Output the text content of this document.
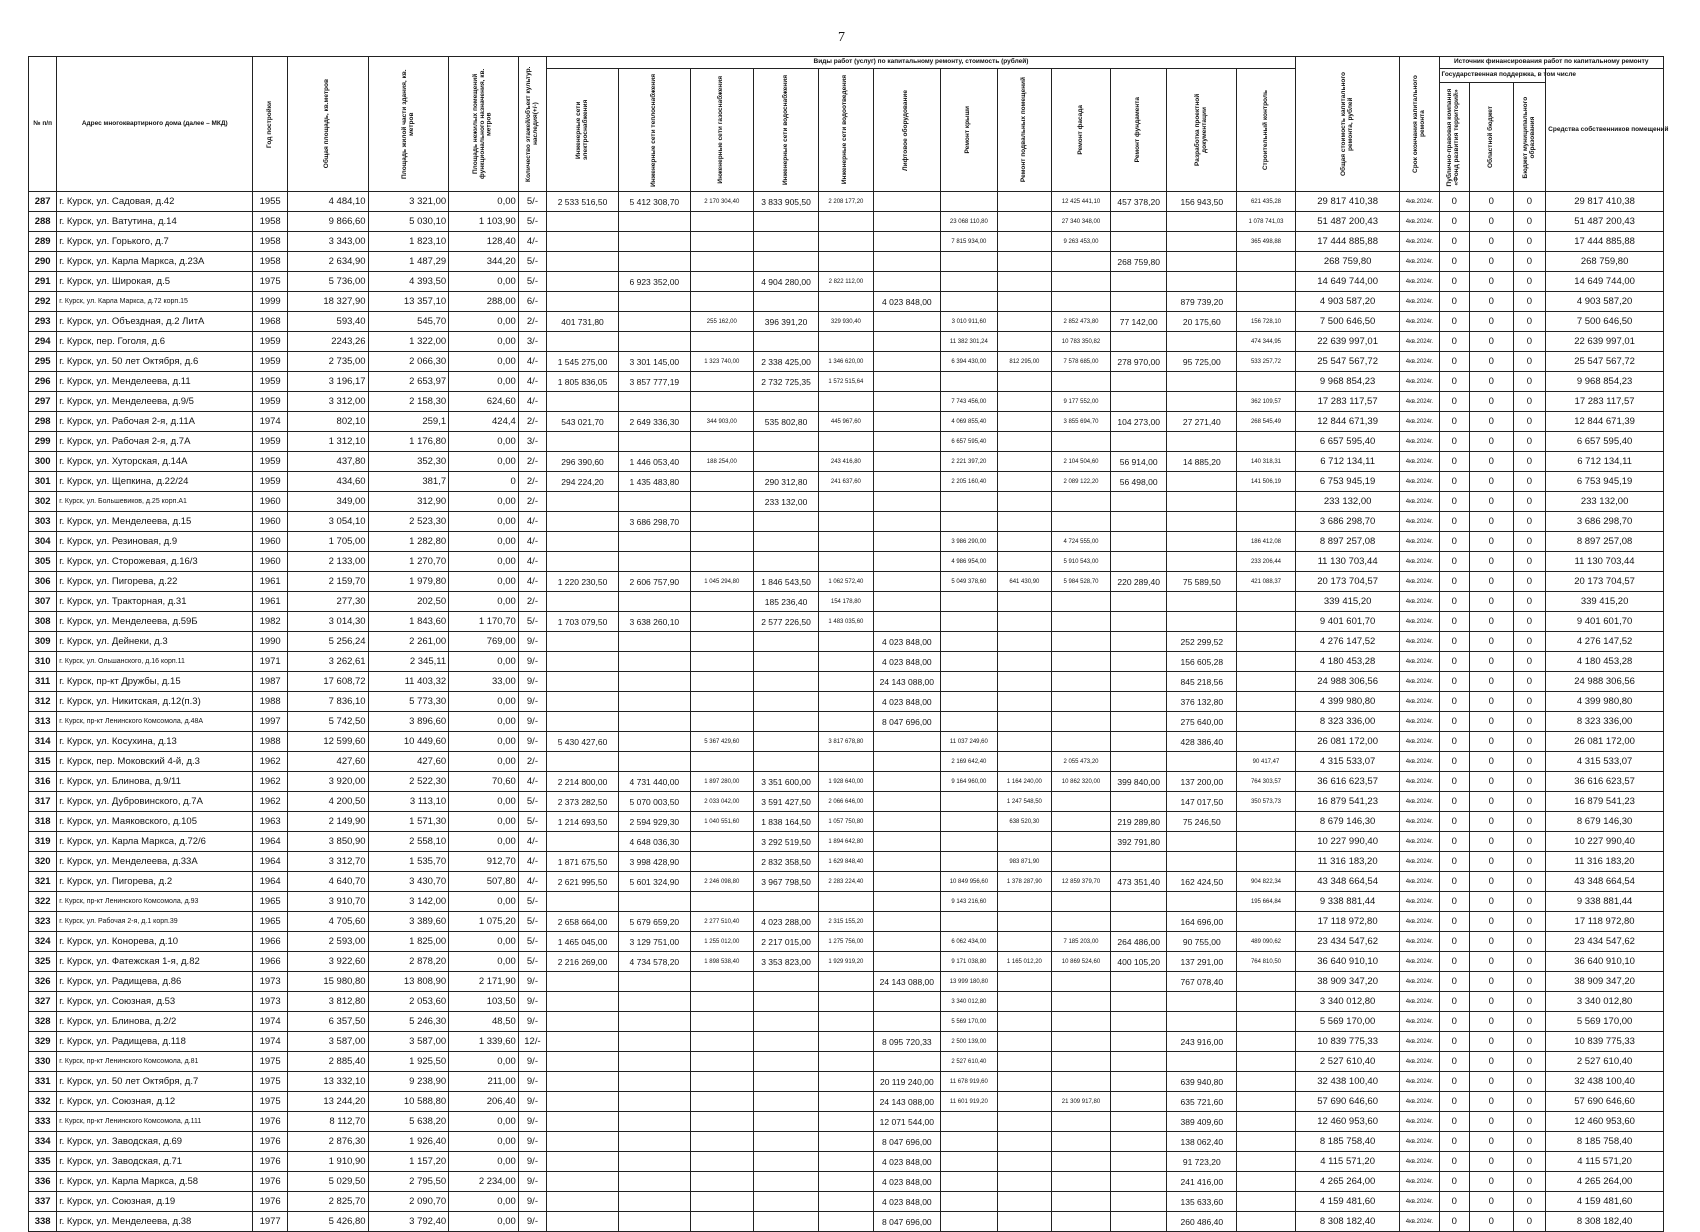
7
№ п/п	Адрес многоквартирного дома (далее – МКД)	Год постройки	Общая площадь, кв.метров	Площадь жилой части здания, кв. метров	Площадь нежилых помещений функционального назначения, кв. метров	Количество этажей/объект культур. наследия(+/-)	Виды работ (услуг) по капитальному ремонту, стоимость (рублей)												Общая стоимость капитального ремонта, рублей	Срок окончания капитального ремонта	Источник финансирования работ по капитальному ремонту			

							Инженерные сети электроснабжения	Инженерные сети теплоснабжения	Инженерные сети газоснабжения	Инженерные сети водоснабжения	Инженерные сети водоотведения	Лифтовое оборудование	Ремонт крыши	Ремонт подвальных помещений	Ремонт фасада	Ремонт фундамента	Разработка проектной документации	Строительный контроль			Государственная поддержка, в том числе			Средства собственников помещений

																					Публично-правовая компания «Фонд развития территорий»	Областной бюджет	Бюджет муниципального образования	

287	г. Курск, ул. Садовая, д.42	1955	4 484,10	3 321,00	0,00	5/-	2 533 516,50	5 412 308,70	2 170 304,40	3 833 905,50	2 208 177,20				12 425 441,10	457 378,20	156 943,50	621 435,28	29 817 410,38	4кв.2024г.	0	0	0	29 817 410,38
288	г. Курск, ул. Ватутина, д.14	1958	9 866,60	5 030,10	1 103,90	5/-							23 068 110,80		27 340 348,00			1 078 741,03	51 487 200,43	4кв.2024г.	0	0	0	51 487 200,43
289	г. Курск, ул. Горького, д.7	1958	3 343,00	1 823,10	128,40	4/-							7 815 934,00		9 263 453,00			365 498,88	17 444 885,88	4кв.2024г.	0	0	0	17 444 885,88
290	г. Курск, ул. Карла Маркса, д.23А	1958	2 634,90	1 487,29	344,20	5/-										268 759,80			268 759,80	4кв.2024г.	0	0	0	268 759,80
291	г. Курск, ул. Широкая, д.5	1975	5 736,00	4 393,50	0,00	5/-		6 923 352,00		4 904 280,00	2 822 112,00								14 649 744,00	4кв.2024г.	0	0	0	14 649 744,00
292	г. Курск, ул. Карла Маркса, д.72 корп.15	1999	18 327,90	13 357,10	288,00	6/-						4 023 848,00					879 739,20		4 903 587,20	4кв.2024г.	0	0	0	4 903 587,20
293	г. Курск, ул. Объездная, д.2 ЛитА	1968	593,40	545,70	0,00	2/-	401 731,80		255 162,00	396 391,20	329 930,40		3 010 911,60		2 852 473,80	77 142,00	20 175,60	156 728,10	7 500 646,50	4кв.2024г.	0	0	0	7 500 646,50
294	г. Курск, пер. Гоголя, д.6	1959	2243,26	1 322,00	0,00	3/-							11 382 301,24		10 783 350,82			474 344,95	22 639 997,01	4кв.2024г.	0	0	0	22 639 997,01
295	г. Курск, ул. 50 лет Октября, д.6	1959	2 735,00	2 066,30	0,00	4/-	1 545 275,00	3 301 145,00	1 323 740,00	2 338 425,00	1 346 620,00		6 394 430,00	812 295,00	7 578 685,00	278 970,00	95 725,00	533 257,72	25 547 567,72	4кв.2024г.	0	0	0	25 547 567,72
296	г. Курск, ул. Менделеева, д.11	1959	3 196,17	2 653,97	0,00	4/-	1 805 836,05	3 857 777,19		2 732 725,35	1 572 515,64								9 968 854,23	4кв.2024г.	0	0	0	9 968 854,23
297	г. Курск, ул. Менделеева, д.9/5	1959	3 312,00	2 158,30	624,60	4/-							7 743 456,00		9 177 552,00			362 109,57	17 283 117,57	4кв.2024г.	0	0	0	17 283 117,57
298	г. Курск, ул. Рабочая 2-я, д.11А	1974	802,10	259,1	424,4	2/-	543 021,70	2 649 336,30	344 903,00	535 802,80	445 967,60		4 069 855,40		3 855 694,70	104 273,00	27 271,40	268 545,49	12 844 671,39	4кв.2024г.	0	0	0	12 844 671,39
299	г. Курск, ул. Рабочая 2-я, д.7А	1959	1 312,10	1 176,80	0,00	3/-							6 657 595,40						6 657 595,40	4кв.2024г.	0	0	0	6 657 595,40
300	г. Курск, ул. Хуторская, д.14А	1959	437,80	352,30	0,00	2/-	296 390,60	1 446 053,40	188 254,00		243 416,80		2 221 397,20		2 104 504,60	56 914,00	14 885,20	140 318,31	6 712 134,11	4кв.2024г.	0	0	0	6 712 134,11
301	г. Курск, ул. Щепкина, д.22/24	1959	434,60	381,7	0	2/-	294 224,20	1 435 483,80		290 312,80	241 637,60		2 205 160,40		2 089 122,20	56 498,00		141 506,19	6 753 945,19	4кв.2024г.	0	0	0	6 753 945,19
302	г. Курск, ул. Большевиков, д.25 корп.А1	1960	349,00	312,90	0,00	2/-				233 132,00									233 132,00	4кв.2024г.	0	0	0	233 132,00
303	г. Курск, ул. Менделеева, д.15	1960	3 054,10	2 523,30	0,00	4/-		3 686 298,70											3 686 298,70	4кв.2024г.	0	0	0	3 686 298,70
304	г. Курск, ул. Резиновая, д.9	1960	1 705,00	1 282,80	0,00	4/-							3 986 290,00		4 724 555,00			186 412,08	8 897 257,08	4кв.2024г.	0	0	0	8 897 257,08
305	г. Курск, ул. Сторожевая, д.16/3	1960	2 133,00	1 270,70	0,00	4/-							4 986 954,00		5 910 543,00			233 206,44	11 130 703,44	4кв.2024г.	0	0	0	11 130 703,44
306	г. Курск, ул. Пигорева, д.22	1961	2 159,70	1 979,80	0,00	4/-	1 220 230,50	2 606 757,90	1 045 294,80	1 846 543,50	1 062 572,40		5 049 378,60	641 430,90	5 984 528,70	220 289,40	75 589,50	421 088,37	20 173 704,57	4кв.2024г.	0	0	0	20 173 704,57
307	г. Курск, ул. Тракторная, д.31	1961	277,30	202,50	0,00	2/-				185 236,40	154 178,80								339 415,20	4кв.2024г.	0	0	0	339 415,20
308	г. Курск, ул. Менделеева, д.59Б	1982	3 014,30	1 843,60	1 170,70	5/-	1 703 079,50	3 638 260,10		2 577 226,50	1 483 035,60								9 401 601,70	4кв.2024г.	0	0	0	9 401 601,70
309	г. Курск, ул. Дейнеки, д.3	1990	5 256,24	2 261,00	769,00	9/-						4 023 848,00					252 299,52		4 276 147,52	4кв.2024г.	0	0	0	4 276 147,52
310	г. Курск, ул. Ольшанского, д.16 корп.11	1971	3 262,61	2 345,11	0,00	9/-						4 023 848,00					156 605,28		4 180 453,28	4кв.2024г.	0	0	0	4 180 453,28
311	г. Курск, пр-кт Дружбы, д.15	1987	17 608,72	11 403,32	33,00	9/-						24 143 088,00					845 218,56		24 988 306,56	4кв.2024г.	0	0	0	24 988 306,56
312	г. Курск, ул. Никитская, д.12(п.3)	1988	7 836,10	5 773,30	0,00	9/-						4 023 848,00					376 132,80		4 399 980,80	4кв.2024г.	0	0	0	4 399 980,80
313	г. Курск, пр-кт Ленинского Комсомола, д.48А	1997	5 742,50	3 896,60	0,00	9/-						8 047 696,00					275 640,00		8 323 336,00	4кв.2024г.	0	0	0	8 323 336,00
314	г. Курск, ул. Косухина, д.13	1988	12 599,60	10 449,60	0,00	9/-	5 430 427,60		5 367 429,60		3 817 678,80		11 037 249,60				428 386,40		26 081 172,00	4кв.2024г.	0	0	0	26 081 172,00
315	г. Курск, пер. Моковский 4-й, д.3	1962	427,60	427,60	0,00	2/-							2 169 642,40		2 055 473,20			90 417,47	4 315 533,07	4кв.2024г.	0	0	0	4 315 533,07
316	г. Курск, ул. Блинова, д.9/11	1962	3 920,00	2 522,30	70,60	4/-	2 214 800,00	4 731 440,00	1 897 280,00	3 351 600,00	1 928 640,00		9 164 960,00	1 164 240,00	10 862 320,00	399 840,00	137 200,00	764 303,57	36 616 623,57	4кв.2024г.	0	0	0	36 616 623,57
317	г. Курск, ул. Дубровинского, д.7А	1962	4 200,50	3 113,10	0,00	5/-	2 373 282,50	5 070 003,50	2 033 042,00	3 591 427,50	2 066 646,00			1 247 548,50			147 017,50	350 573,73	16 879 541,23	4кв.2024г.	0	0	0	16 879 541,23
318	г. Курск, ул. Маяковского, д.105	1963	2 149,90	1 571,30	0,00	5/-	1 214 693,50	2 594 929,30	1 040 551,60	1 838 164,50	1 057 750,80			638 520,30		219 289,80	75 246,50		8 679 146,30	4кв.2024г.	0	0	0	8 679 146,30
319	г. Курск, ул. Карла Маркса, д.72/6	1964	3 850,90	2 558,10	0,00	4/-		4 648 036,30		3 292 519,50	1 894 642,80					392 791,80			10 227 990,40	4кв.2024г.	0	0	0	10 227 990,40
320	г. Курск, ул. Менделеева, д.33А	1964	3 312,70	1 535,70	912,70	4/-	1 871 675,50	3 998 428,90		2 832 358,50	1 629 848,40			983 871,90					11 316 183,20	4кв.2024г.	0	0	0	11 316 183,20
321	г. Курск, ул. Пигорева, д.2	1964	4 640,70	3 430,70	507,80	4/-	2 621 995,50	5 601 324,90	2 246 098,80	3 967 798,50	2 283 224,40		10 849 956,60	1 378 287,90	12 859 379,70	473 351,40	162 424,50	904 822,34	43 348 664,54	4кв.2024г.	0	0	0	43 348 664,54
322	г. Курск, пр-кт Ленинского Комсомола, д.93	1965	3 910,70	3 142,00	0,00	5/-							9 143 216,60					195 664,84	9 338 881,44	4кв.2024г.	0	0	0	9 338 881,44
323	г. Курск, ул. Рабочая 2-я, д.1 корп.39	1965	4 705,60	3 389,60	1 075,20	5/-	2 658 664,00	5 679 659,20	2 277 510,40	4 023 288,00	2 315 155,20						164 696,00		17 118 972,80	4кв.2024г.	0	0	0	17 118 972,80
324	г. Курск, ул. Конорева, д.10	1966	2 593,00	1 825,00	0,00	5/-	1 465 045,00	3 129 751,00	1 255 012,00	2 217 015,00	1 275 756,00		6 062 434,00		7 185 203,00	264 486,00	90 755,00	489 090,62	23 434 547,62	4кв.2024г.	0	0	0	23 434 547,62
325	г. Курск, ул. Фатежская 1-я, д.82	1966	3 922,60	2 878,20	0,00	5/-	2 216 269,00	4 734 578,20	1 898 538,40	3 353 823,00	1 929 919,20		9 171 038,80	1 165 012,20	10 869 524,60	400 105,20	137 291,00	764 810,50	36 640 910,10	4кв.2024г.	0	0	0	36 640 910,10
326	г. Курск, ул. Радищева, д.86	1973	15 980,80	13 808,90	2 171,90	9/-						24 143 088,00	13 999 180,80				767 078,40		38 909 347,20	4кв.2024г.	0	0	0	38 909 347,20
327	г. Курск, ул. Союзная, д.53	1973	3 812,80	2 053,60	103,50	9/-							3 340 012,80						3 340 012,80	4кв.2024г.	0	0	0	3 340 012,80
328	г. Курск, ул. Блинова, д.2/2	1974	6 357,50	5 246,30	48,50	9/-							5 569 170,00						5 569 170,00	4кв.2024г.	0	0	0	5 569 170,00
329	г. Курск, ул. Радищева, д.118	1974	3 587,00	3 587,00	1 339,60	12/-						8 095 720,33	2 500 139,00				243 916,00		10 839 775,33	4кв.2024г.	0	0	0	10 839 775,33
330	г. Курск, пр-кт Ленинского Комсомола, д.81	1975	2 885,40	1 925,50	0,00	9/-							2 527 610,40						2 527 610,40	4кв.2024г.	0	0	0	2 527 610,40
331	г. Курск, ул. 50 лет Октября, д.7	1975	13 332,10	9 238,90	211,00	9/-						20 119 240,00	11 678 919,60				639 940,80		32 438 100,40	4кв.2024г.	0	0	0	32 438 100,40
332	г. Курск, ул. Союзная, д.12	1975	13 244,20	10 588,80	206,40	9/-						24 143 088,00	11 601 919,20		21 309 917,80		635 721,60		57 690 646,60	4кв.2024г.	0	0	0	57 690 646,60
333	г. Курск, пр-кт Ленинского Комсомола, д.111	1976	8 112,70	5 638,20	0,00	9/-						12 071 544,00					389 409,60		12 460 953,60	4кв.2024г.	0	0	0	12 460 953,60
334	г. Курск, ул. Заводская, д.69	1976	2 876,30	1 926,40	0,00	9/-						8 047 696,00					138 062,40		8 185 758,40	4кв.2024г.	0	0	0	8 185 758,40
335	г. Курск, ул. Заводская, д.71	1976	1 910,90	1 157,20	0,00	9/-						4 023 848,00					91 723,20		4 115 571,20	4кв.2024г.	0	0	0	4 115 571,20
336	г. Курск, ул. Карла Маркса, д.58	1976	5 029,50	2 795,50	2 234,00	9/-						4 023 848,00					241 416,00		4 265 264,00	4кв.2024г.	0	0	0	4 265 264,00
337	г. Курск, ул. Союзная, д.19	1976	2 825,70	2 090,70	0,00	9/-						4 023 848,00					135 633,60		4 159 481,60	4кв.2024г.	0	0	0	4 159 481,60
338	г. Курск, ул. Менделеева, д.38	1977	5 426,80	3 792,40	0,00	9/-						8 047 696,00					260 486,40		8 308 182,40	4кв.2024г.	0	0	0	8 308 182,40
